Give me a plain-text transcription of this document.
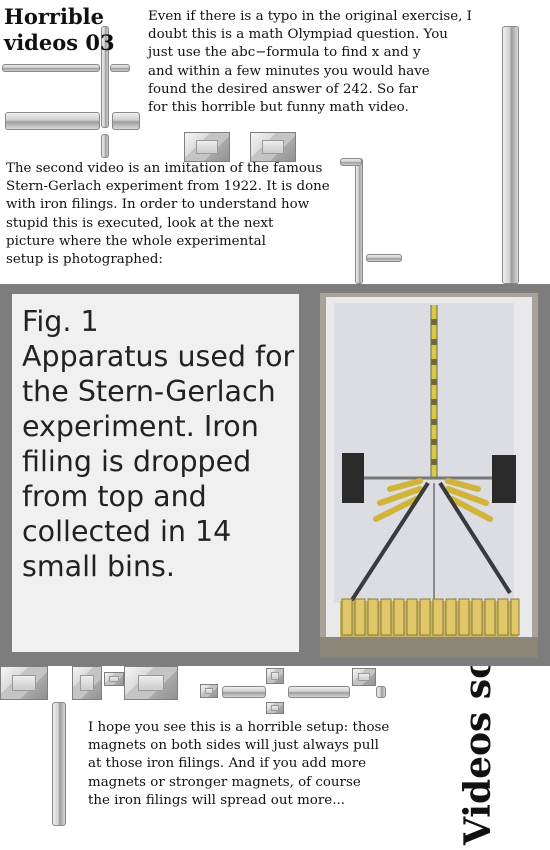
Horrible
videos 03
Even if there is a typo in the original exercise, I
doubt this is a math Olympiad question. You
just use the abc−formula to find x and y
and within a few minutes you would have
found the desired answer of 242. So far
for this horrible but funny math video.
The second video is an imitation of the famous
Stern-Gerlach experiment from 1922. It is done
with iron filings. In order to understand how
stupid this is executed, look at the next
picture where the whole experimental
setup is photographed:
Videos so
Fig. 1
Apparatus used for
the Stern-Gerlach
experiment. Iron
filing is dropped
from top and
collected in 14
small bins.
I hope you see this is a horrible setup: those
magnets on both sides will just always pull
at those iron filings. And if you add more
magnets or stronger magnets, of course
the iron filings will spread out more...
